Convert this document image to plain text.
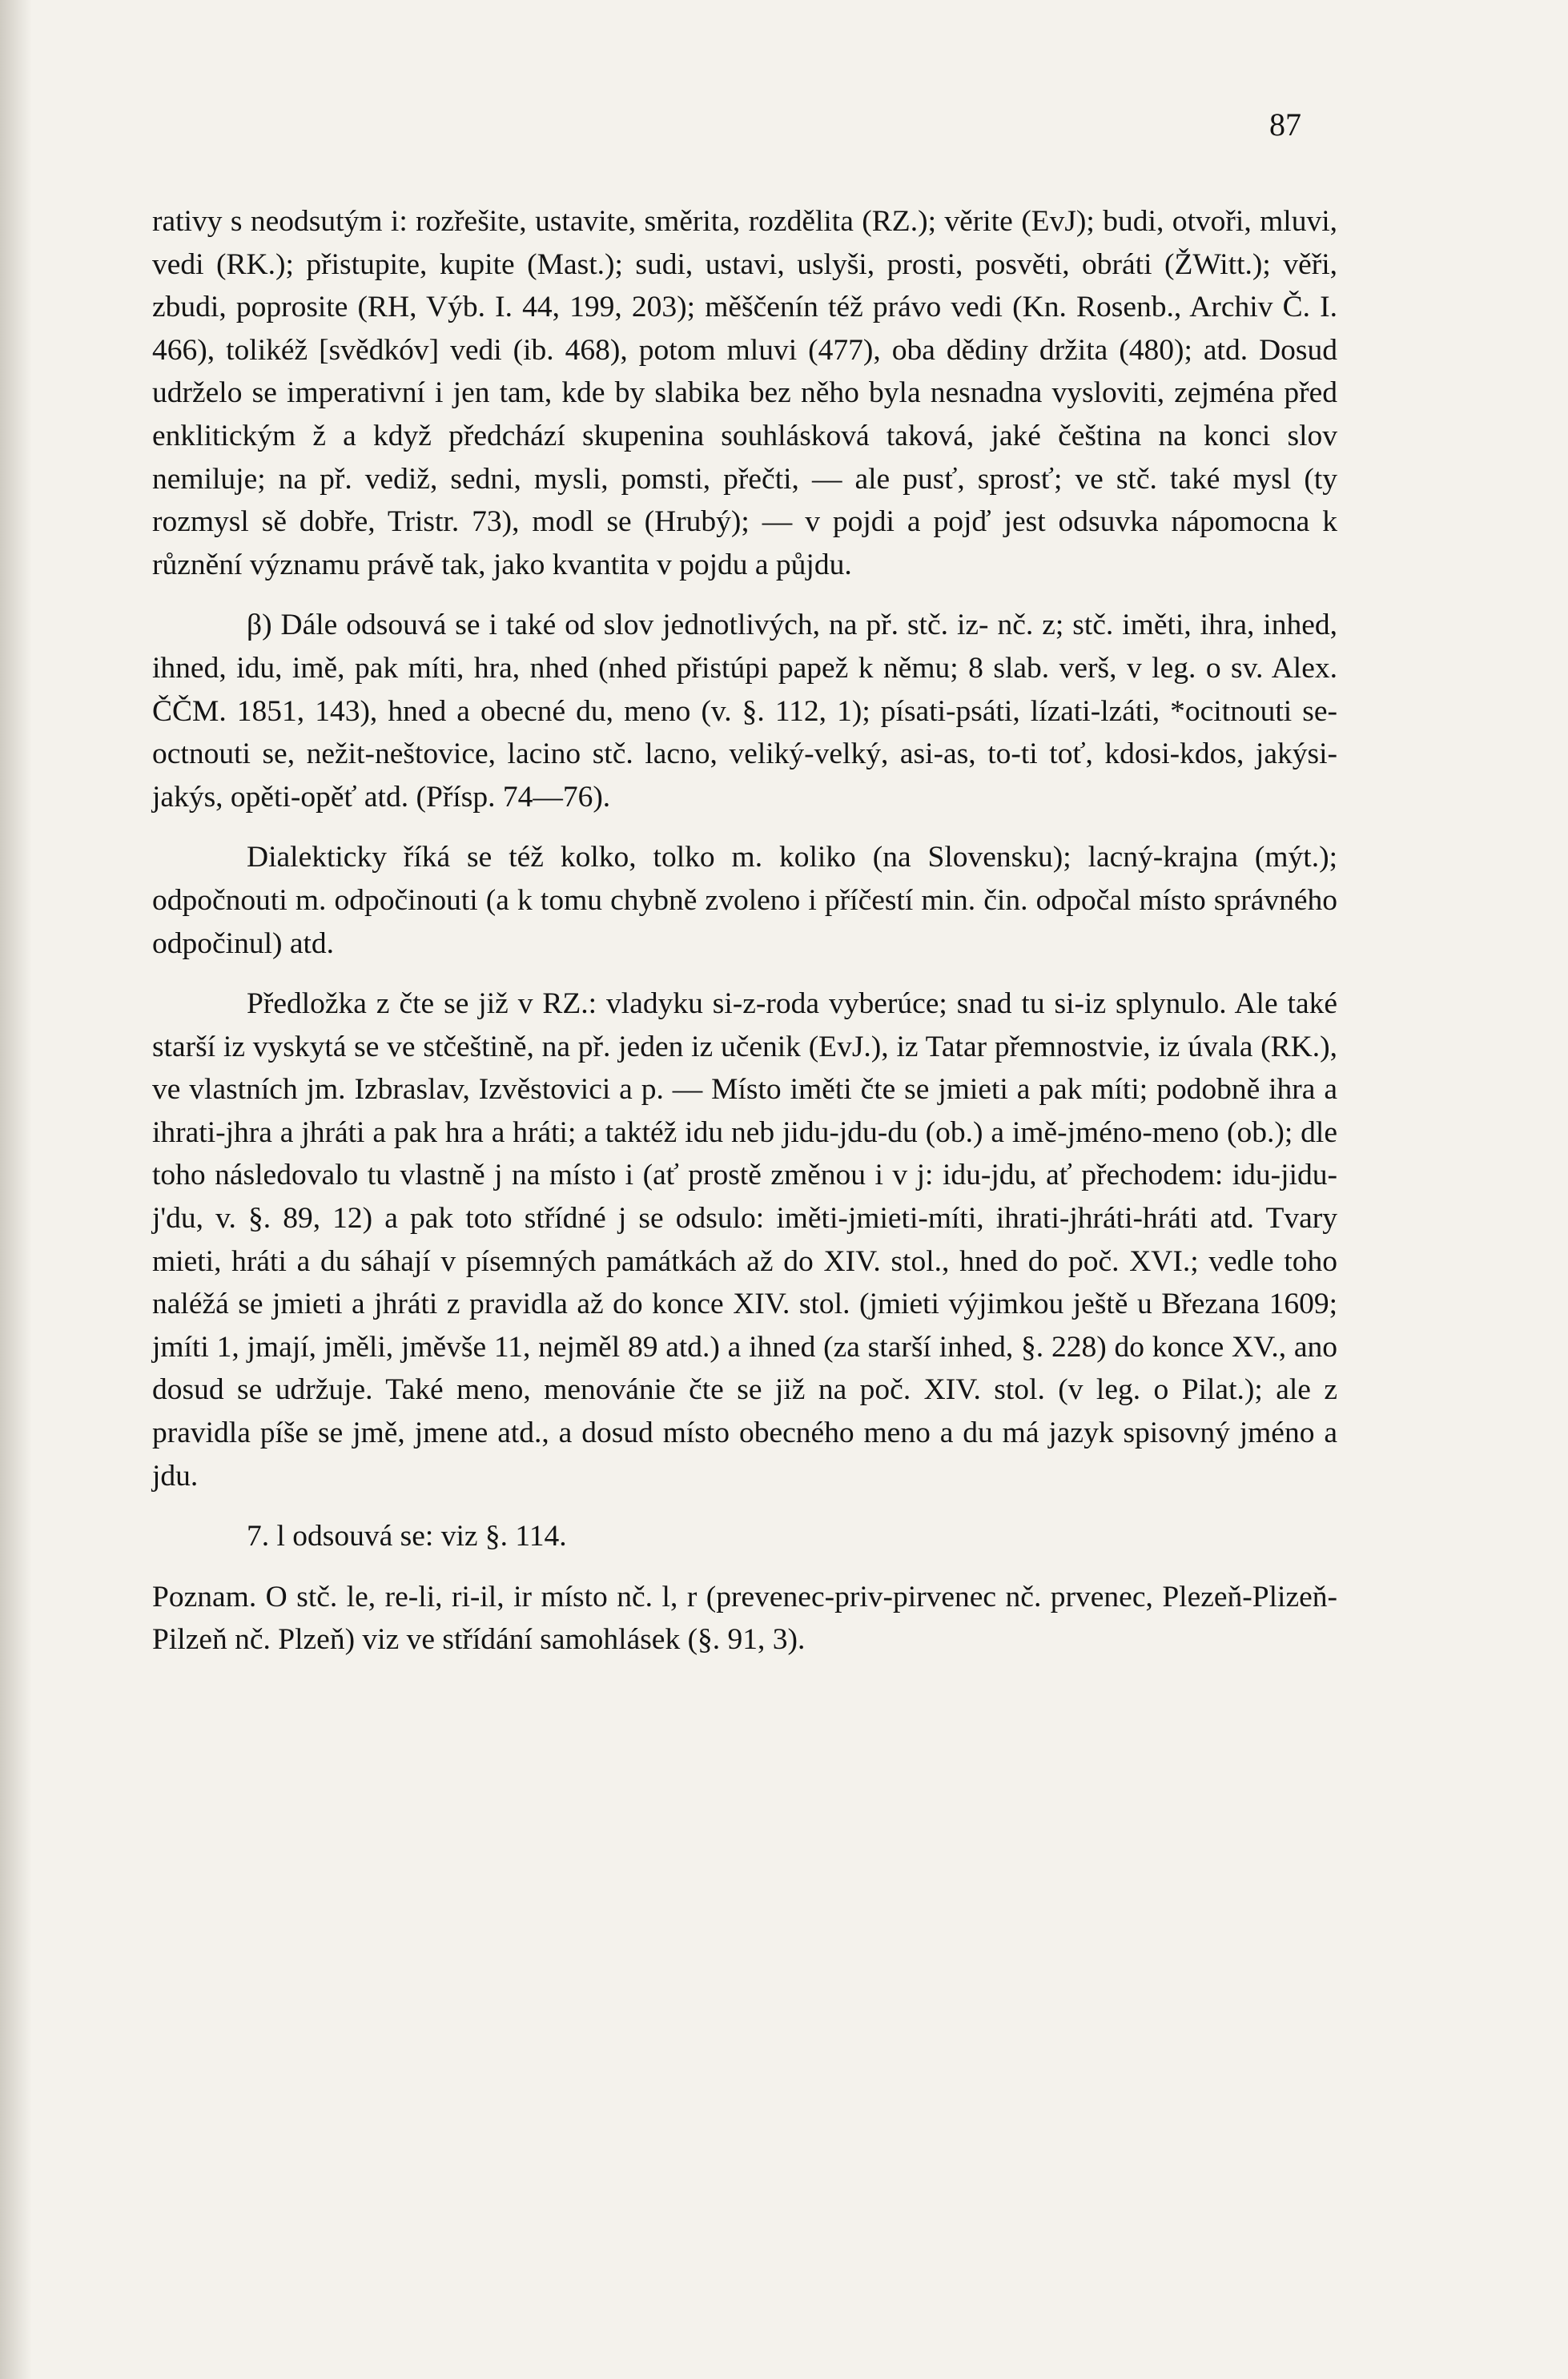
87

rativy s neodsutým i: rozřešite, ustavite, směrita, rozdělita (RZ.); věrite (EvJ); budi, otvoři, mluvi, vedi (RK.); přistupite, kupite (Mast.); sudi, ustavi, uslyši, prosti, posvěti, obráti (ŽWitt.); věři, zbudi, poprosite (RH, Výb. I. 44, 199, 203); měščenín též právo vedi (Kn. Rosenb., Archiv Č. I. 466), tolikéž [svědkóv] vedi (ib. 468), potom mluvi (477), oba dědiny držita (480); atd. Dosud udrželo se imperativní i jen tam, kde by slabika bez něho byla nesnadna vysloviti, zejména před enklitickým ž a když předchází skupenina souhlásková taková, jaké čeština na konci slov nemiluje; na př. vediž, sedni, mysli, pomsti, přečti, — ale pusť, sprosť; ve stč. také mysl (ty rozmysl sě dobře, Tristr. 73), modl se (Hrubý); — v pojdi a pojď jest odsuvka nápomocna k různění významu právě tak, jako kvantita v pojdu a půjdu.

β) Dále odsouvá se i také od slov jednotlivých, na př. stč. iz- nč. z; stč. iměti, ihra, inhed, ihned, idu, imě, pak míti, hra, nhed (nhed přistúpi papež k němu; 8 slab. verš, v leg. o sv. Alex. ČČM. 1851, 143), hned a obecné du, meno (v. §. 112, 1); písati-psáti, lízati-lzáti, *ocitnouti se-octnouti se, nežit-neštovice, lacino stč. lacno, veliký-velký, asi-as, to-ti toť, kdosi-kdos, jakýsi-jakýs, opěti-opěť atd. (Přísp. 74—76).

Dialekticky říká se též kolko, tolko m. koliko (na Slovensku); lacný-krajna (mýt.); odpočnouti m. odpočinouti (a k tomu chybně zvoleno i příčestí min. čin. odpočal místo správného odpočinul) atd.

Předložka z čte se již v RZ.: vladyku si-z-roda vyberúce; snad tu si-iz splynulo. Ale také starší iz vyskytá se ve stčeštině, na př. jeden iz učenik (EvJ.), iz Tatar přemnostvie, iz úvala (RK.), ve vlastních jm. Izbraslav, Izvěstovici a p. — Místo iměti čte se jmieti a pak míti; podobně ihra a ihrati-jhra a jhráti a pak hra a hráti; a taktéž idu neb jidu-jdu-du (ob.) a imě-jméno-meno (ob.); dle toho následovalo tu vlastně j na místo i (ať prostě změnou i v j: idu-jdu, ať přechodem: idu-jidu-j'du, v. §. 89, 12) a pak toto střídné j se odsulo: iměti-jmieti-míti, ihrati-jhráti-hráti atd. Tvary mieti, hráti a du sáhají v písemných památkách až do XIV. stol., hned do poč. XVI.; vedle toho naléžá se jmieti a jhráti z pravidla až do konce XIV. stol. (jmieti výjimkou ještě u Březana 1609; jmíti 1, jmají, jměli, jměvše 11, nejměl 89 atd.) a ihned (za starší inhed, §. 228) do konce XV., ano dosud se udržuje. Také meno, menovánie čte se již na poč. XIV. stol. (v leg. o Pilat.); ale z pravidla píše se jmě, jmene atd., a dosud místo obecného meno a du má jazyk spisovný jméno a jdu.

7. l odsouvá se: viz §. 114.

Poznam. O stč. le, re-li, ri-il, ir místo nč. l, r (prevenec-priv-pirvenec nč. prvenec, Plezeň-Plizeň-Pilzeň nč. Plzeň) viz ve střídání samohlásek (§. 91, 3).
